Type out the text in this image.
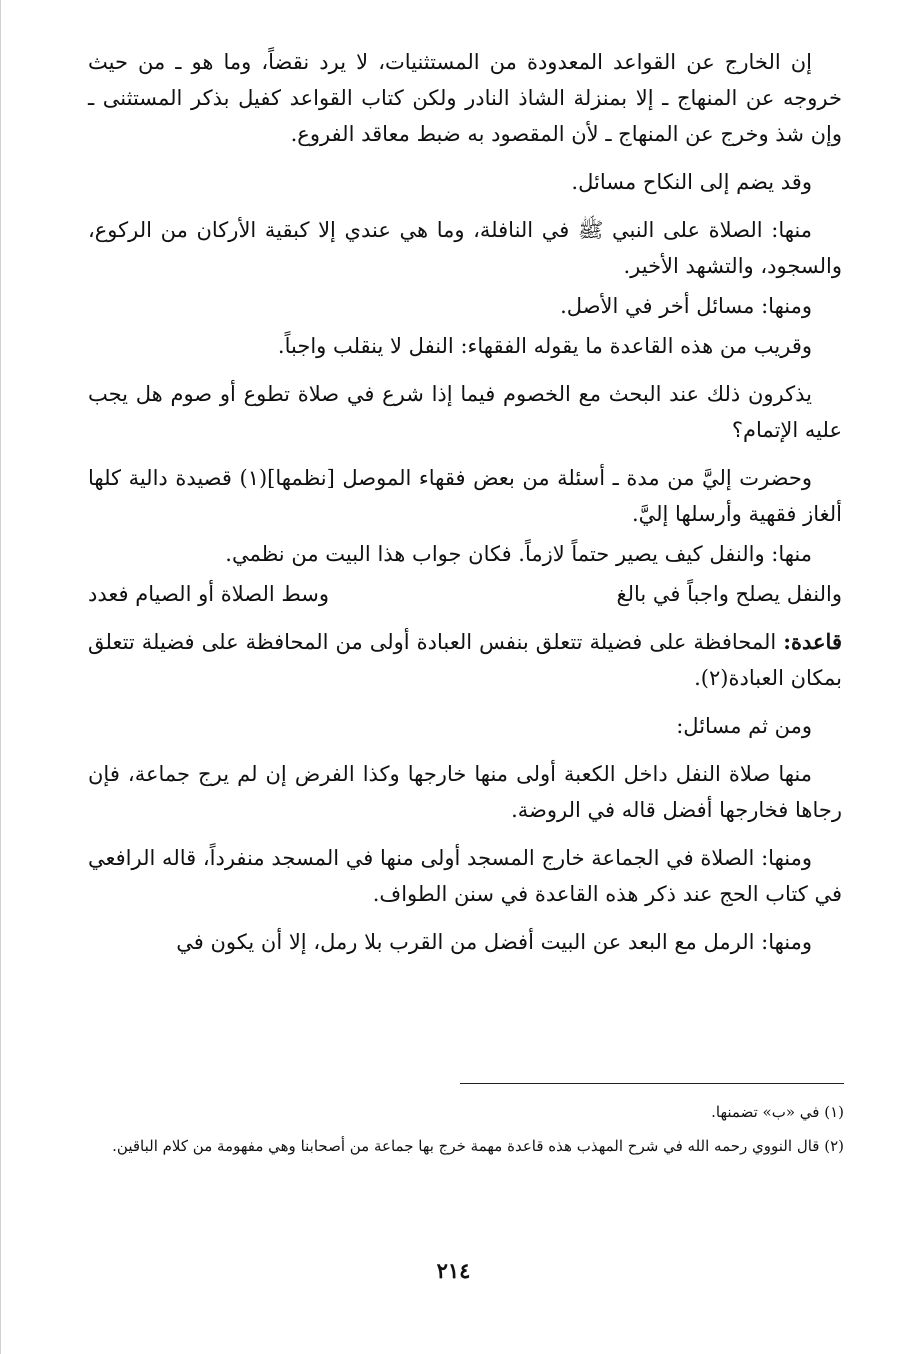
إن الخارج عن القواعد المعدودة من المستثنيات، لا يرد نقضاً، وما هو ـ من حيث خروجه عن المنهاج ـ إلا بمنزلة الشاذ النادر ولكن كتاب القواعد كفيل بذكر المستثنى ـ وإن شذ وخرج عن المنهاج ـ لأن المقصود به ضبط معاقد الفروع.

وقد يضم إلى النكاح مسائل.

منها: الصلاة على النبي ﷺ في النافلة، وما هي عندي إلا كبقية الأركان من الركوع، والسجود، والتشهد الأخير.

ومنها: مسائل أخر في الأصل.

وقريب من هذه القاعدة ما يقوله الفقهاء: النفل لا ينقلب واجباً.

يذكرون ذلك عند البحث مع الخصوم فيما إذا شرع في صلاة تطوع أو صوم هل يجب عليه الإتمام؟

وحضرت إليَّ من مدة ـ أسئلة من بعض فقهاء الموصل [نظمها](١) قصيدة دالية كلها ألغاز فقهية وأرسلها إليَّ.

منها: والنفل كيف يصير حتماً لازماً. فكان جواب هذا البيت من نظمي.

والنفل يصلح واجباً في بالغ
وسط الصلاة أو الصيام فعدد

قاعدة: المحافظة على فضيلة تتعلق بنفس العبادة أولى من المحافظة على فضيلة تتعلق بمكان العبادة(٢).

ومن ثم مسائل:

منها صلاة النفل داخل الكعبة أولى منها خارجها وكذا الفرض إن لم يرج جماعة، فإن رجاها فخارجها أفضل قاله في الروضة.

ومنها: الصلاة في الجماعة خارج المسجد أولى منها في المسجد منفرداً، قاله الرافعي في كتاب الحج عند ذكر هذه القاعدة في سنن الطواف.

ومنها: الرمل مع البعد عن البيت أفضل من القرب بلا رمل، إلا أن يكون في

(١) في «ب» تضمنها.

(٢) قال النووي رحمه الله في شرح المهذب هذه قاعدة مهمة خرج بها جماعة من أصحابنا وهي مفهومة من كلام الباقين.

٢١٤
